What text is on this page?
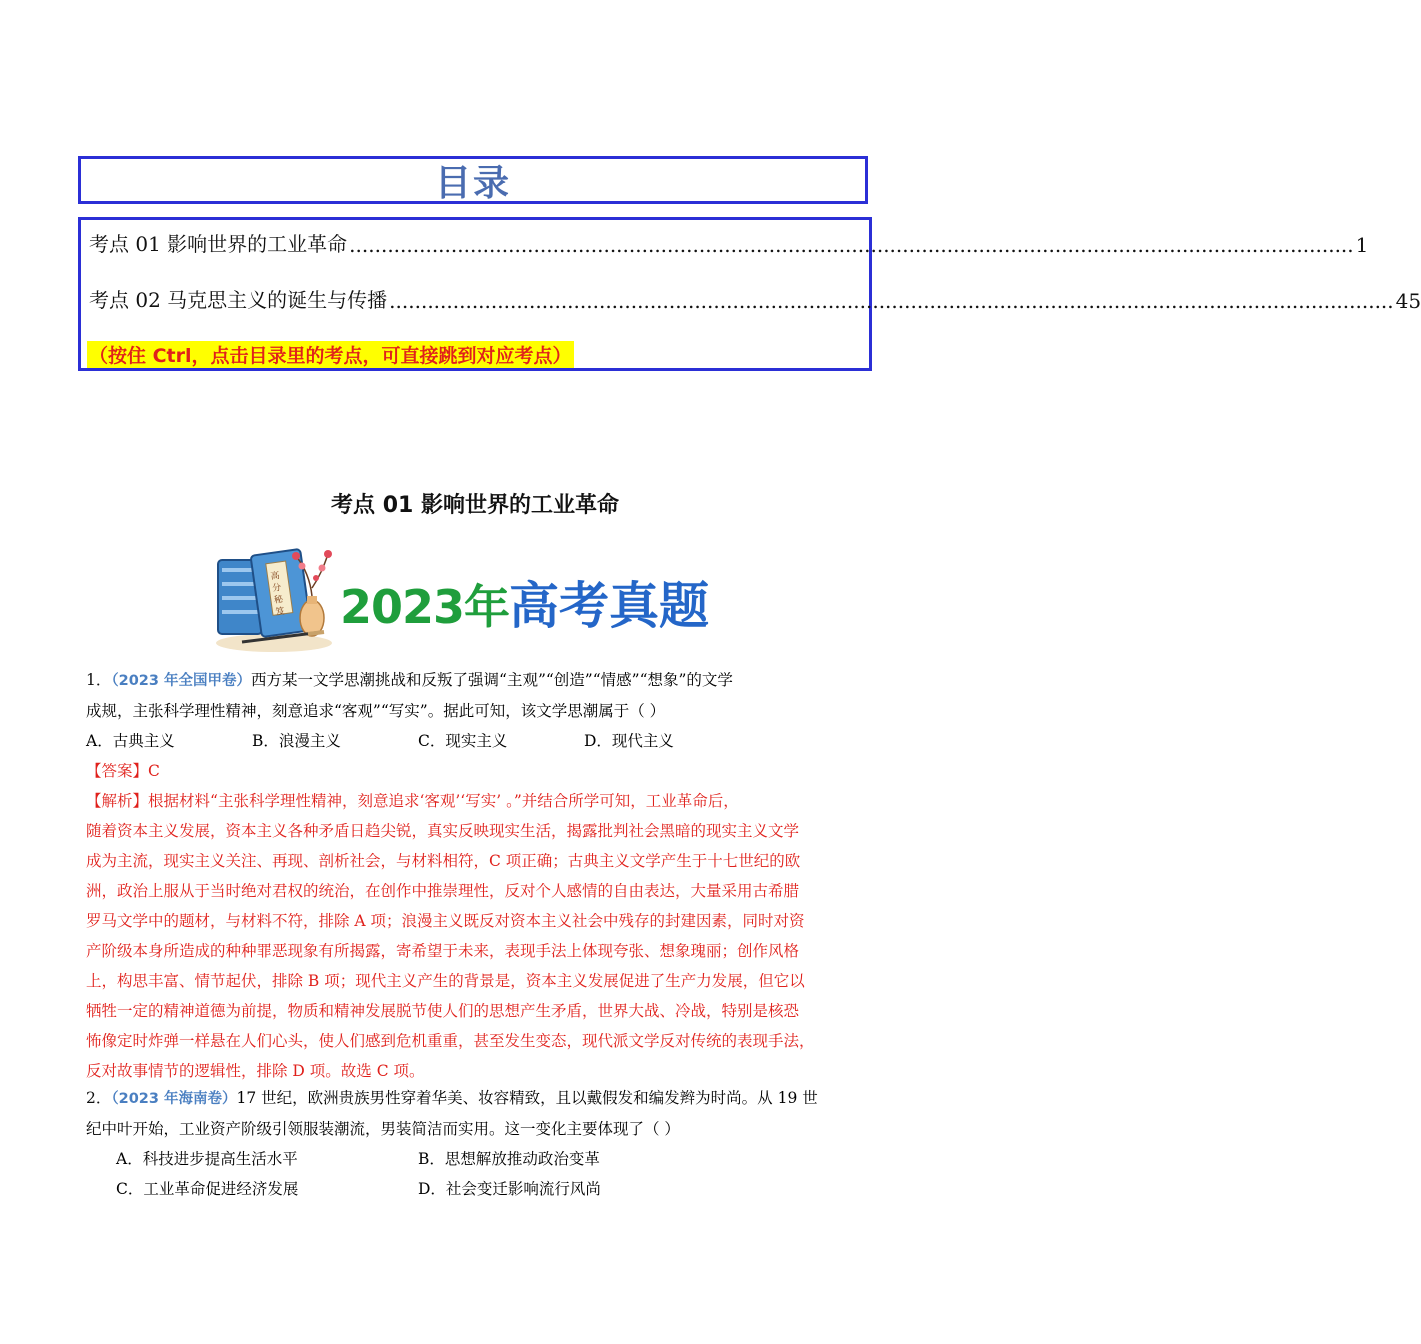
目录
考点 01 影响世界的工业革命 .............................................................................................................................................................. 1
考点 02 马克思主义的诞生与传播 .............................................................................................................................................................. 45
（按住 Ctrl，点击目录里的考点，可直接跳到对应考点）
考点 01 影响世界的工业革命
高
分
秘
笈 2023年高考真题
1．（2023 年全国甲卷）西方某一文学思潮挑战和反叛了强调“主观”“创造”“情感”“想象”的文学
成规，主张科学理性精神，刻意追求“客观”“写实”。据此可知，该文学思潮属于（ ）
A．古典主义	B．浪漫主义	C．现实主义	D．现代主义
【答案】C
【解析】根据材料“主张科学理性精神，刻意追求‘客观’‘写实’ 。”并结合所学可知，工业革命后，
随着资本主义发展，资本主义各种矛盾日趋尖锐，真实反映现实生活，揭露批判社会黑暗的现实主义文学
成为主流，现实主义关注、再现、剖析社会，与材料相符，C 项正确；古典主义文学产生于十七世纪的欧
洲，政治上服从于当时绝对君权的统治，在创作中推崇理性，反对个人感情的自由表达，大量采用古希腊
罗马文学中的题材，与材料不符，排除 A 项；浪漫主义既反对资本主义社会中残存的封建因素，同时对资
产阶级本身所造成的种种罪恶现象有所揭露，寄希望于未来，表现手法上体现夸张、想象瑰丽；创作风格
上，构思丰富、情节起伏，排除 B 项；现代主义产生的背景是，资本主义发展促进了生产力发展，但它以
牺牲一定的精神道德为前提，物质和精神发展脱节使人们的思想产生矛盾，世界大战、冷战，特别是核恐
怖像定时炸弹一样悬在人们心头，使人们感到危机重重，甚至发生变态，现代派文学反对传统的表现手法，
反对故事情节的逻辑性，排除 D 项。故选 C 项。
2．（2023 年海南卷）17 世纪，欧洲贵族男性穿着华美、妆容精致，且以戴假发和编发辫为时尚。从 19 世
纪中叶开始，工业资产阶级引领服装潮流，男装简洁而实用。这一变化主要体现了（ ）
A．科技进步提高生活水平	B．思想解放推动政治变革
C．工业革命促进经济发展	D．社会变迁影响流行风尚
